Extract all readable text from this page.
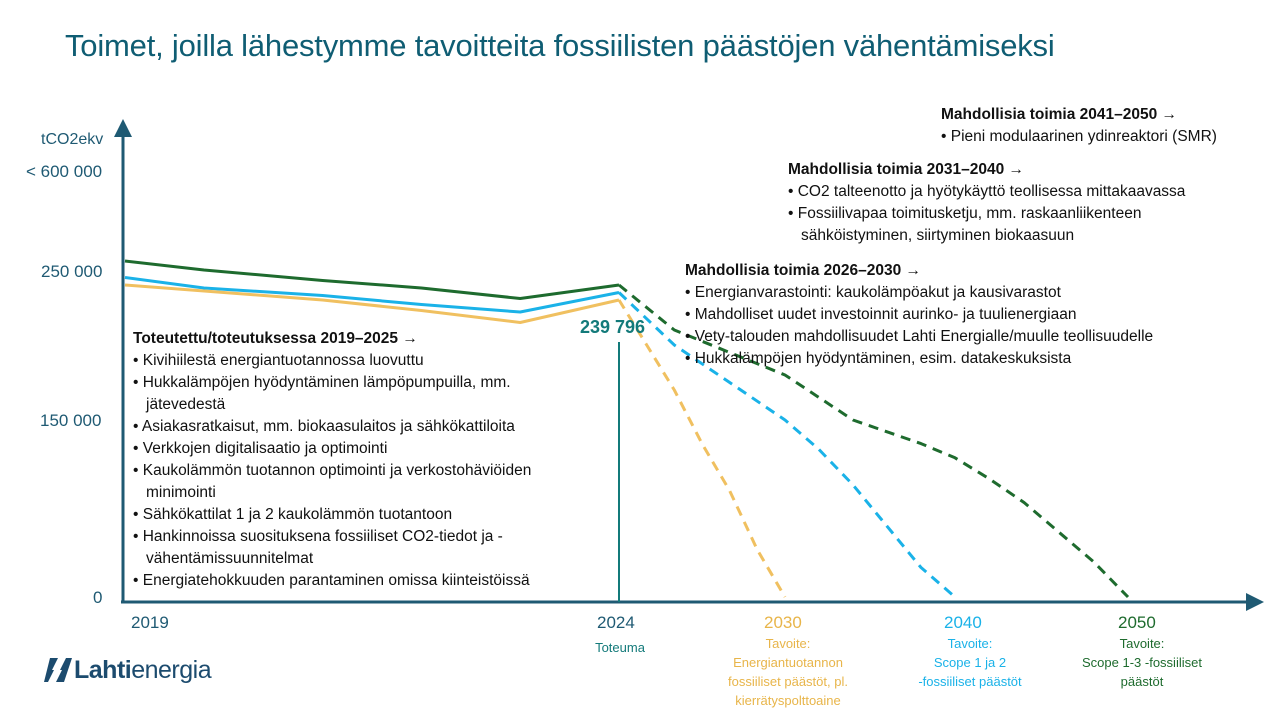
Toimet, joilla lähestymme tavoitteita fossiilisten päästöjen vähentämiseksi
tCO2ekv
< 600 000
250 000
150 000
0
239 796
2019	2024	2030	2040	2050
Toteuma	Tavoite:
Energiantuotannon
fossiiliset päästöt, pl.
kierrätyspolttoaine
Tavoite:
Scope 1 ja 2
-fossiiliset päästöt
Tavoite:
Scope 1-3 -fossiiliset
päästöt
Toteutettu/toteutuksessa 2019–2025 →
• Kivihiilestä energiantuotannossa luovuttu
• Hukkalämpöjen hyödyntäminen lämpöpumpuilla, mm. jätevedestä
• Asiakasratkaisut, mm. biokaasulaitos ja sähkökattiloita
• Verkkojen digitalisaatio ja optimointi
• Kaukolämmön tuotannon optimointi ja verkostohäviöiden minimointi
• Sähkökattilat 1 ja 2 kaukolämmön tuotantoon
• Hankinnoissa suosituksena fossiiliset CO2-tiedot ja -vähentämissuunnitelmat
• Energiatehokkuuden parantaminen omissa kiinteistöissä
Mahdollisia toimia 2026–2030 →
• Energianvarastointi: kaukolämpöakut ja kausivarastot
• Mahdolliset uudet investoinnit aurinko- ja tuulienergiaan
• Vety-talouden mahdollisuudet Lahti Energialle/muulle teollisuudelle
• Hukkalämpöjen hyödyntäminen, esim. datakeskuksista
Mahdollisia toimia 2031–2040 →
• CO2 talteenotto ja hyötykäyttö teollisessa mittakaavassa
• Fossiilivapaa toimitusketju, mm. raskaanliikenteen sähköistyminen, siirtyminen biokaasuun
Mahdollisia toimia 2041–2050 →
• Pieni modulaarinen ydinreaktori (SMR)
Lahtienergia
